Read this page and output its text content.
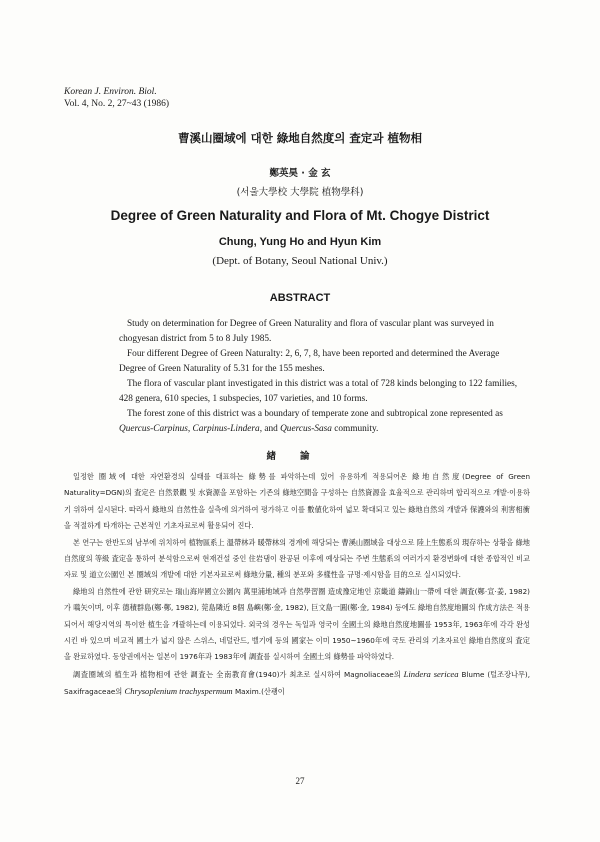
Korean J. Environ. Biol.
Vol. 4, No. 2, 27~43 (1986)
曹溪山圈域에 대한 綠地自然度의 査定과 植物相
鄭英昊 · 金 玄
(서울大學校 大學院 植物學科)
Degree of Green Naturality and Flora of Mt. Chogye District
Chung, Yung Ho and Hyun Kim
(Dept. of Botany, Seoul National Univ.)
ABSTRACT

Study on determination for Degree of Green Naturality and flora of vascular plant was surveyed in chogyesan district from 5 to 8 July 1985.

Four different Degree of Green Naturalty: 2, 6, 7, 8, have been reported and determined the Average Degree of Green Naturality of 5.31 for the 155 meshes.

The flora of vascular plant investigated in this district was a total of 728 kinds belonging to 122 families, 428 genera, 610 species, 1 subspecies, 107 varieties, and 10 forms.

The forest zone of this district was a boundary of temperate zone and subtropical zone represented as Quercus-Carpinus, Carpinus-Lindera, and Quercus-Sasa community.

緖論

일정한 圈域에 대한 자연환경의 실태를 대표하는 綠勢를 파악하는데 있어 유용하게 적용되어온 綠地自然度(Degree of Green Naturality=DGN)의 査定은 自然景觀 및 水資源을 포함하는 기존의 綠地空間을 구성하는 自然資源을 효율적으로 관리하며 합리적으로 개발·이용하기 위하여 실시된다. 따라서 綠地의 自然性을 실측에 의거하여 평가하고 이를 數値化하여 넓모 확대되고 있는 綠地自然의 개발과 保護와의 利害相衝을 적절하게 타개하는 근본적인 기초자료로써 활용되어 진다.

본 연구는 한반도의 남부에 위치하여 植物區系上 溫帶林과 暖帶林의 경계에 해당되는 曹溪山圈域을 대상으로 陸上生態系의 現存하는 상황을 綠地自然度의 等級 査定을 통하여 분석함으로써 현재건설 중인 住岩댐이 완공된 이후에 예상되는 주변 生態系의 여러가지 환경변화에 대한 종합적인 비교자료 및 道立公園인 본 圈域의 개발에 대한 기본자료로써 綠地分量, 種의 분포와 多樣性을 규명·제시함을 目的으로 실시되었다.

綠地의 自然性에 관한 研究로는 瑞山海岸國立公園內 萬里浦地域과 自然學習圈 造成豫定地인 京畿道 鑄錦山一帶에 대한 調査(鄭·宣·姜, 1982)가 嚆矢이며, 이후 德積群島(鄭·鄭, 1982), 莞島隣近 8個 島嶼(鄭·金, 1982), 巨文島一圓(鄭·金, 1984) 등에도 綠地自然度地圖의 作成方法은 적용되어서 해당지역의 특이한 植生을 개괄하는데 이용되었다. 외국의 경우는 독일과 영국이 全國土의 綠地自然度地圖를 1953年, 1963年에 각각 완성시킨 바 있으며 비교적 國土가 넓지 않은 스위스, 네덜란드, 벨기에 등의 國家는 이미 1950~1960年에 국토 관리의 기초자료인 綠地自然度의 査定을 완료하였다. 동양권에서는 일본이 1976年과 1983年에 調査를 실시하여 全國土의 綠勢를 파악하였다.

調査圈域의 植生과 植物相에 관한 調査는 全南教育會(1940)가 최초로 실시하여 Magnoliaceae의 Lindera sericea Blume (털조장나무), Saxifragaceae의 Chrysoplenium trachyspermum Maxim.(산괭이

27
